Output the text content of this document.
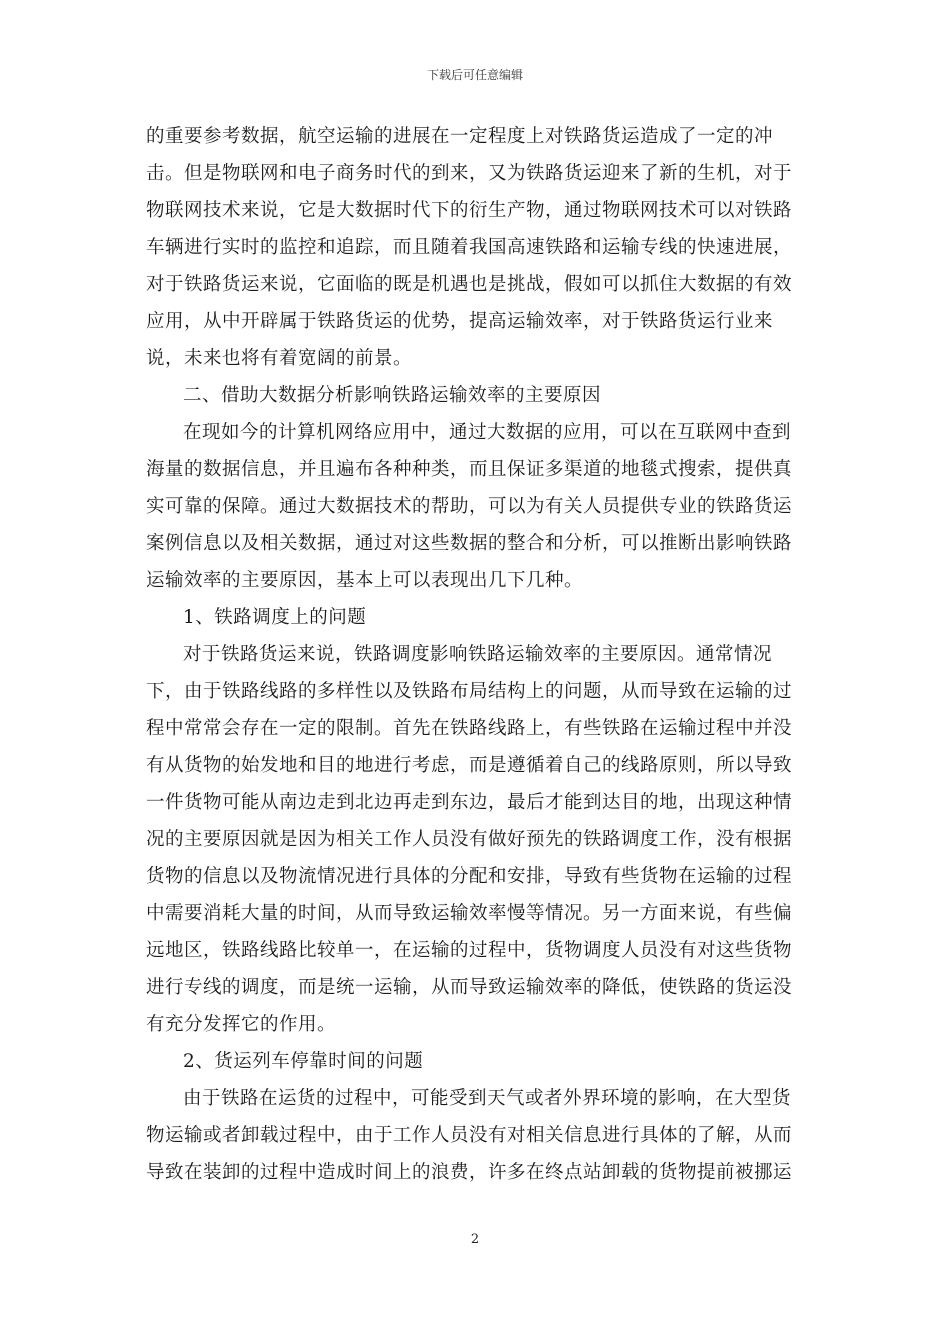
下载后可任意编辑

的重要参考数据，航空运输的进展在一定程度上对铁路货运造成了一定的冲击。但是物联网和电子商务时代的到来，又为铁路货运迎来了新的生机，对于物联网技术来说，它是大数据时代下的衍生产物，通过物联网技术可以对铁路车辆进行实时的监控和追踪，而且随着我国高速铁路和运输专线的快速进展，对于铁路货运来说，它面临的既是机遇也是挑战，假如可以抓住大数据的有效应用，从中开辟属于铁路货运的优势，提高运输效率，对于铁路货运行业来说，未来也将有着宽阔的前景。

二、借助大数据分析影响铁路运输效率的主要原因

在现如今的计算机网络应用中，通过大数据的应用，可以在互联网中查到海量的数据信息，并且遍布各种种类，而且保证多渠道的地毯式搜索，提供真实可靠的保障。通过大数据技术的帮助，可以为有关人员提供专业的铁路货运案例信息以及相关数据，通过对这些数据的整合和分析，可以推断出影响铁路运输效率的主要原因，基本上可以表现出几下几种。

1、铁路调度上的问题

对于铁路货运来说，铁路调度影响铁路运输效率的主要原因。通常情况下，由于铁路线路的多样性以及铁路布局结构上的问题，从而导致在运输的过程中常常会存在一定的限制。首先在铁路线路上，有些铁路在运输过程中并没有从货物的始发地和目的地进行考虑，而是遵循着自己的线路原则，所以导致一件货物可能从南边走到北边再走到东边，最后才能到达目的地，出现这种情况的主要原因就是因为相关工作人员没有做好预先的铁路调度工作，没有根据货物的信息以及物流情况进行具体的分配和安排，导致有些货物在运输的过程中需要消耗大量的时间，从而导致运输效率慢等情况。另一方面来说，有些偏远地区，铁路线路比较单一，在运输的过程中，货物调度人员没有对这些货物进行专线的调度，而是统一运输，从而导致运输效率的降低，使铁路的货运没有充分发挥它的作用。

2、货运列车停靠时间的问题

由于铁路在运货的过程中，可能受到天气或者外界环境的影响，在大型货物运输或者卸载过程中，由于工作人员没有对相关信息进行具体的了解，从而导致在装卸的过程中造成时间上的浪费，许多在终点站卸载的货物提前被挪运

2
